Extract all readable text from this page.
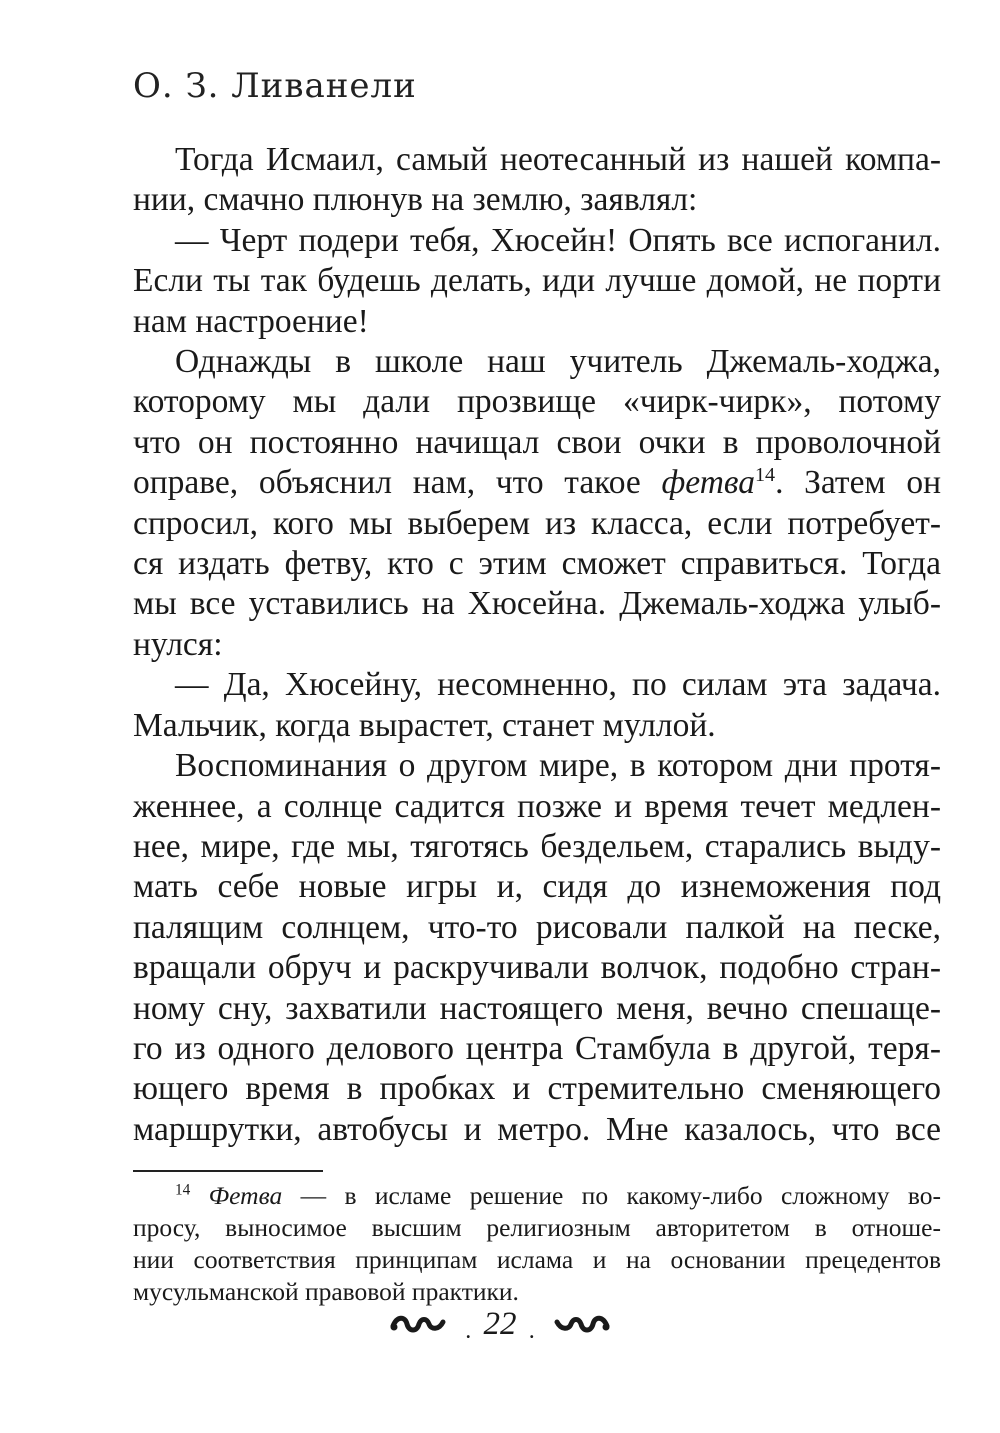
О. З. Ливанели
Тогда Исмаил, самый неотесанный из нашей компа-
нии, смачно плюнув на землю, заявлял:
— Черт подери тебя, Хюсейн! Опять все испоганил.
Если ты так будешь делать, иди лучше домой, не порти
нам настроение!
Однажды в школе наш учитель Джемаль-ходжа,
которому мы дали прозвище «чирк-чирк», потому
что он постоянно начищал свои очки в проволочной
оправе, объяснил нам, что такое фетва$^{14}$. Затем он
спросил, кого мы выберем из класса, если потребует-
ся издать фетву, кто с этим сможет справиться. Тогда
мы все уставились на Хюсейна. Джемаль-ходжа улыб-
нулся:
— Да, Хюсейну, несомненно, по силам эта задача.
Мальчик, когда вырастет, станет муллой.
Воспоминания о другом мире, в котором дни протя-
женнее, а солнце садится позже и время течет медлен-
нее, мире, где мы, тяготясь бездельем, старались выду-
мать себе новые игры и, сидя до изнеможения под
палящим солнцем, что-то рисовали палкой на песке,
вращали обруч и раскручивали волчок, подобно стран-
ному сну, захватили настоящего меня, вечно спешаще-
го из одного делового центра Стамбула в другой, теря-
ющего время в пробках и стремительно сменяющего
маршрутки, автобусы и метро. Мне казалось, что все
$^{14}$ Фетва — в исламе решение по какому-либо сложному во-
просу, выносимое высшим религиозным авторитетом в отноше-
нии соответствия принципам ислама и на основании прецедентов
мусульманской правовой практики.
. 22 .
